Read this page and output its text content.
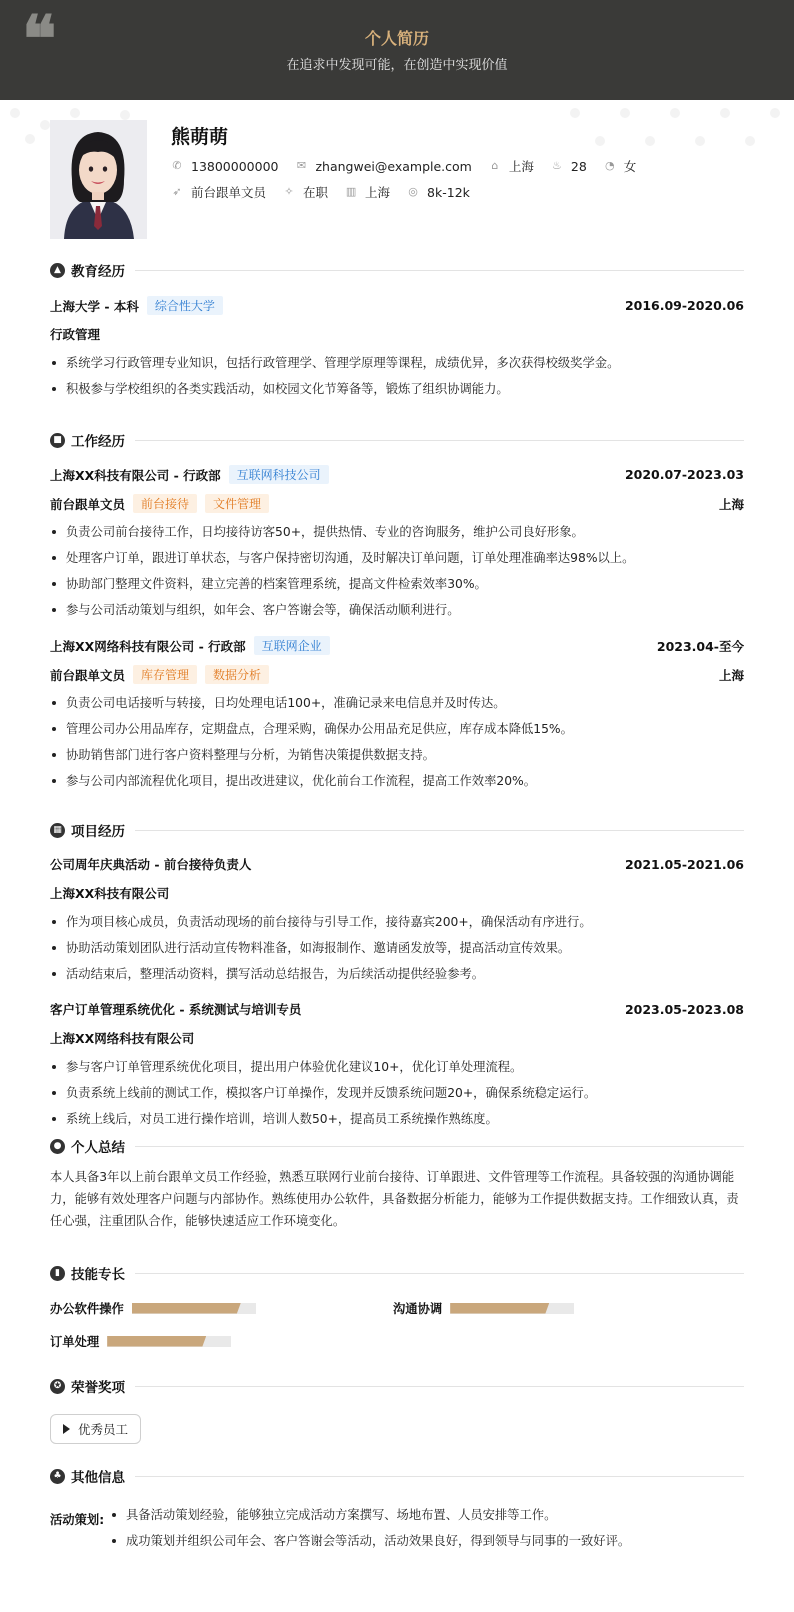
❝	个人简历
在追求中发现可能，在创造中实现价值
熊萌萌
✆ 13800000000 ✉ zhangwei@example.com ⌂ 上海 ♨ 28 ◔ 女
➶ 前台跟单文员 ✧ 在职 ▥ 上海 ◎ 8k-12k
▲ 教育经历
上海大学 - 本科	综合性大学	2016.09-2020.06
行政管理
系统学习行政管理专业知识，包括行政管理学、管理学原理等课程，成绩优异，多次获得校级奖学金。
积极参与学校组织的各类实践活动，如校园文化节筹备等，锻炼了组织协调能力。
■ 工作经历
上海XX科技有限公司 - 行政部	互联网科技公司	2020.07-2023.03
前台跟单文员	前台接待	文件管理	上海
负责公司前台接待工作，日均接待访客50+，提供热情、专业的咨询服务，维护公司良好形象。
处理客户订单，跟进订单状态，与客户保持密切沟通，及时解决订单问题，订单处理准确率达98%以上。
协助部门整理文件资料，建立完善的档案管理系统，提高文件检索效率30%。
参与公司活动策划与组织，如年会、客户答谢会等，确保活动顺利进行。
上海XX网络科技有限公司 - 行政部	互联网企业	2023.04-至今
前台跟单文员	库存管理	数据分析	上海
负责公司电话接听与转接，日均处理电话100+，准确记录来电信息并及时传达。
管理公司办公用品库存，定期盘点，合理采购，确保办公用品充足供应，库存成本降低15%。
协助销售部门进行客户资料整理与分析，为销售决策提供数据支持。
参与公司内部流程优化项目，提出改进建议，优化前台工作流程，提高工作效率20%。
▦ 项目经历
公司周年庆典活动 - 前台接待负责人	2021.05-2021.06
上海XX科技有限公司
作为项目核心成员，负责活动现场的前台接待与引导工作，接待嘉宾200+，确保活动有序进行。
协助活动策划团队进行活动宣传物料准备，如海报制作、邀请函发放等，提高活动宣传效果。
活动结束后，整理活动资料，撰写活动总结报告，为后续活动提供经验参考。
客户订单管理系统优化 - 系统测试与培训专员	2023.05-2023.08
上海XX网络科技有限公司
参与客户订单管理系统优化项目，提出用户体验优化建议10+，优化订单处理流程。
负责系统上线前的测试工作，模拟客户订单操作，发现并反馈系统问题20+，确保系统稳定运行。
系统上线后，对员工进行操作培训，培训人数50+，提高员工系统操作熟练度。
● 个人总结
本人具备3年以上前台跟单文员工作经验，熟悉互联网行业前台接待、订单跟进、文件管理等工作流程。具备较强的沟通协调能力，能够有效处理客户问题与内部协作。熟练使用办公软件，具备数据分析能力，能够为工作提供数据支持。工作细致认真，责任心强，注重团队合作，能够快速适应工作环境变化。
▮ 技能专长
办公软件操作	沟通协调
订单处理
✪ 荣誉奖项
优秀员工
♣ 其他信息
活动策划:	具备活动策划经验，能够独立完成活动方案撰写、场地布置、人员安排等工作。
成功策划并组织公司年会、客户答谢会等活动，活动效果良好，得到领导与同事的一致好评。
